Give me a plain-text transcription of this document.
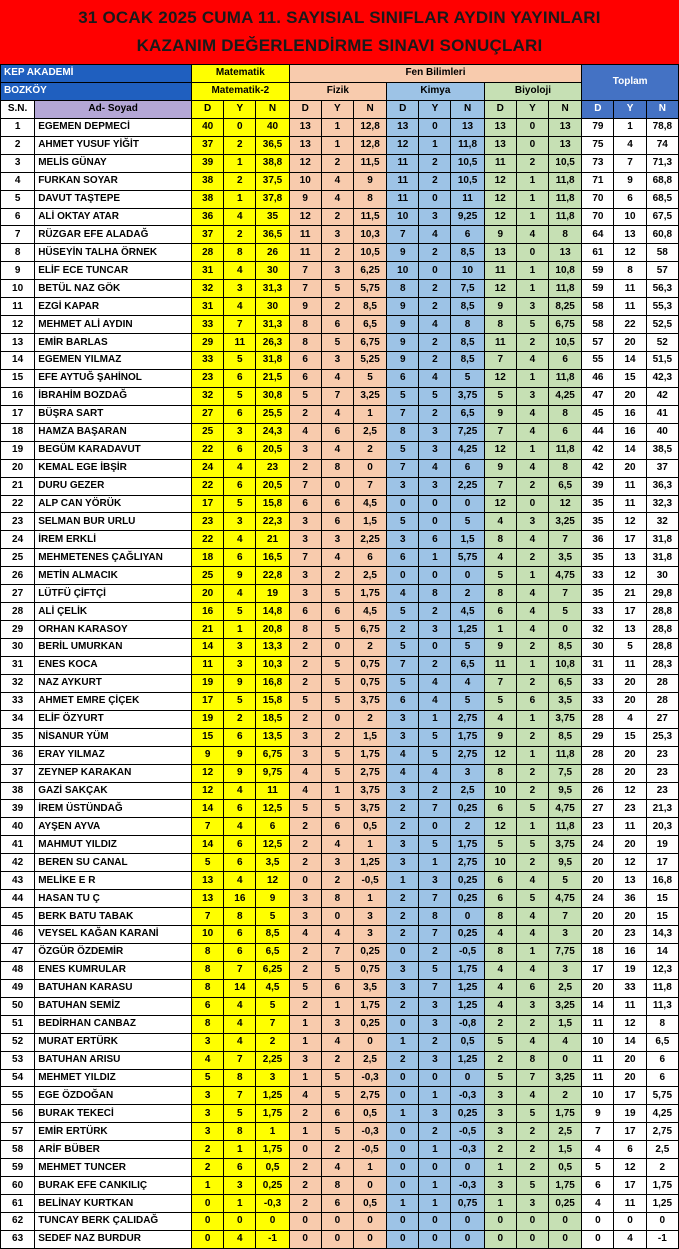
31 OCAK 2025 CUMA 11. SAYISIAL SINIFLAR AYDIN YAYINLARI
KAZANIM DEĞERLENDİRME SINAVI SONUÇLARI
KEP AKADEMİ		Matematik			Fen Bilimleri									Toplam		
BOZKÖY		Matematik-2			Fizik			Kimya			Biyoloji					
S.N.	Ad- Soyad	D	Y	N	D	Y	N	D	Y	N	D	Y	N	D	Y	N
1	EGEMEN DEPMECİ	40	0	40	13	1	12,8	13	0	13	13	0	13	79	1	78,8
2	AHMET YUSUF YİĞİT	37	2	36,5	13	1	12,8	12	1	11,8	13	0	13	75	4	74
3	MELİS GÜNAY	39	1	38,8	12	2	11,5	11	2	10,5	11	2	10,5	73	7	71,3
4	FURKAN SOYAR	38	2	37,5	10	4	9	11	2	10,5	12	1	11,8	71	9	68,8
5	DAVUT TAŞTEPE	38	1	37,8	9	4	8	11	0	11	12	1	11,8	70	6	68,5
6	ALİ OKTAY ATAR	36	4	35	12	2	11,5	10	3	9,25	12	1	11,8	70	10	67,5
7	RÜZGAR EFE ALADAĞ	37	2	36,5	11	3	10,3	7	4	6	9	4	8	64	13	60,8
8	HÜSEYİN TALHA ÖRNEK	28	8	26	11	2	10,5	9	2	8,5	13	0	13	61	12	58
9	ELİF ECE TUNCAR	31	4	30	7	3	6,25	10	0	10	11	1	10,8	59	8	57
10	BETÜL NAZ GÖK	32	3	31,3	7	5	5,75	8	2	7,5	12	1	11,8	59	11	56,3
11	EZGİ KAPAR	31	4	30	9	2	8,5	9	2	8,5	9	3	8,25	58	11	55,3
12	MEHMET ALİ AYDIN	33	7	31,3	8	6	6,5	9	4	8	8	5	6,75	58	22	52,5
13	EMİR BARLAS	29	11	26,3	8	5	6,75	9	2	8,5	11	2	10,5	57	20	52
14	EGEMEN YILMAZ	33	5	31,8	6	3	5,25	9	2	8,5	7	4	6	55	14	51,5
15	EFE AYTUĞ ŞAHİNOL	23	6	21,5	6	4	5	6	4	5	12	1	11,8	46	15	42,3
16	İBRAHİM BOZDAĞ	32	5	30,8	5	7	3,25	5	5	3,75	5	3	4,25	47	20	42
17	BÜŞRA SART	27	6	25,5	2	4	1	7	2	6,5	9	4	8	45	16	41
18	HAMZA BAŞARAN	25	3	24,3	4	6	2,5	8	3	7,25	7	4	6	44	16	40
19	BEGÜM KARADAVUT	22	6	20,5	3	4	2	5	3	4,25	12	1	11,8	42	14	38,5
20	KEMAL EGE İBŞİR	24	4	23	2	8	0	7	4	6	9	4	8	42	20	37
21	DURU GEZER	22	6	20,5	7	0	7	3	3	2,25	7	2	6,5	39	11	36,3
22	ALP CAN YÖRÜK	17	5	15,8	6	6	4,5	0	0	0	12	0	12	35	11	32,3
23	SELMAN BUR URLU	23	3	22,3	3	6	1,5	5	0	5	4	3	3,25	35	12	32
24	İREM ERKLİ	22	4	21	3	3	2,25	3	6	1,5	8	4	7	36	17	31,8
25	MEHMETENES ÇAĞLIYAN	18	6	16,5	7	4	6	6	1	5,75	4	2	3,5	35	13	31,8
26	METİN ALMACIK	25	9	22,8	3	2	2,5	0	0	0	5	1	4,75	33	12	30
27	LÜTFÜ ÇİFTÇİ	20	4	19	3	5	1,75	4	8	2	8	4	7	35	21	29,8
28	ALİ ÇELİK	16	5	14,8	6	6	4,5	5	2	4,5	6	4	5	33	17	28,8
29	ORHAN KARASOY	21	1	20,8	8	5	6,75	2	3	1,25	1	4	0	32	13	28,8
30	BERİL UMURKAN	14	3	13,3	2	0	2	5	0	5	9	2	8,5	30	5	28,8
31	ENES KOCA	11	3	10,3	2	5	0,75	7	2	6,5	11	1	10,8	31	11	28,3
32	NAZ AYKURT	19	9	16,8	2	5	0,75	5	4	4	7	2	6,5	33	20	28
33	AHMET EMRE ÇİÇEK	17	5	15,8	5	5	3,75	6	4	5	5	6	3,5	33	20	28
34	ELİF ÖZYURT	19	2	18,5	2	0	2	3	1	2,75	4	1	3,75	28	4	27
35	NİSANUR YÜM	15	6	13,5	3	2	1,5	3	5	1,75	9	2	8,5	29	15	25,3
36	ERAY YILMAZ	9	9	6,75	3	5	1,75	4	5	2,75	12	1	11,8	28	20	23
37	ZEYNEP KARAKAN	12	9	9,75	4	5	2,75	4	4	3	8	2	7,5	28	20	23
38	GAZİ SAKÇAK	12	4	11	4	1	3,75	3	2	2,5	10	2	9,5	26	12	23
39	İREM ÜSTÜNDAĞ	14	6	12,5	5	5	3,75	2	7	0,25	6	5	4,75	27	23	21,3
40	AYŞEN AYVA	7	4	6	2	6	0,5	2	0	2	12	1	11,8	23	11	20,3
41	MAHMUT YILDIZ	14	6	12,5	2	4	1	3	5	1,75	5	5	3,75	24	20	19
42	BEREN SU CANAL	5	6	3,5	2	3	1,25	3	1	2,75	10	2	9,5	20	12	17
43	MELİKE E R	13	4	12	0	2	-0,5	1	3	0,25	6	4	5	20	13	16,8
44	HASAN TU Ç	13	16	9	3	8	1	2	7	0,25	6	5	4,75	24	36	15
45	BERK BATU TABAK	7	8	5	3	0	3	2	8	0	8	4	7	20	20	15
46	VEYSEL KAĞAN KARANİ	10	6	8,5	4	4	3	2	7	0,25	4	4	3	20	23	14,3
47	ÖZGÜR ÖZDEMİR	8	6	6,5	2	7	0,25	0	2	-0,5	8	1	7,75	18	16	14
48	ENES KUMRULAR	8	7	6,25	2	5	0,75	3	5	1,75	4	4	3	17	19	12,3
49	BATUHAN KARASU	8	14	4,5	5	6	3,5	3	7	1,25	4	6	2,5	20	33	11,8
50	BATUHAN SEMİZ	6	4	5	2	1	1,75	2	3	1,25	4	3	3,25	14	11	11,3
51	BEDİRHAN CANBAZ	8	4	7	1	3	0,25	0	3	-0,8	2	2	1,5	11	12	8
52	MURAT ERTÜRK	3	4	2	1	4	0	1	2	0,5	5	4	4	10	14	6,5
53	BATUHAN ARISU	4	7	2,25	3	2	2,5	2	3	1,25	2	8	0	11	20	6
54	MEHMET YILDIZ	5	8	3	1	5	-0,3	0	0	0	5	7	3,25	11	20	6
55	EGE ÖZDOĞAN	3	7	1,25	4	5	2,75	0	1	-0,3	3	4	2	10	17	5,75
56	BURAK TEKECİ	3	5	1,75	2	6	0,5	1	3	0,25	3	5	1,75	9	19	4,25
57	EMİR ERTÜRK	3	8	1	1	5	-0,3	0	2	-0,5	3	2	2,5	7	17	2,75
58	ARİF BÜBER	2	1	1,75	0	2	-0,5	0	1	-0,3	2	2	1,5	4	6	2,5
59	MEHMET TUNCER	2	6	0,5	2	4	1	0	0	0	1	2	0,5	5	12	2
60	BURAK EFE CANKILIÇ	1	3	0,25	2	8	0	0	1	-0,3	3	5	1,75	6	17	1,75
61	BELİNAY KURTKAN	0	1	-0,3	2	6	0,5	1	1	0,75	1	3	0,25	4	11	1,25
62	TUNCAY BERK ÇALIDAĞ	0	0	0	0	0	0	0	0	0	0	0	0	0	0	0
63	SEDEF NAZ BURDUR	0	4	-1	0	0	0	0	0	0	0	0	0	0	4	-1
